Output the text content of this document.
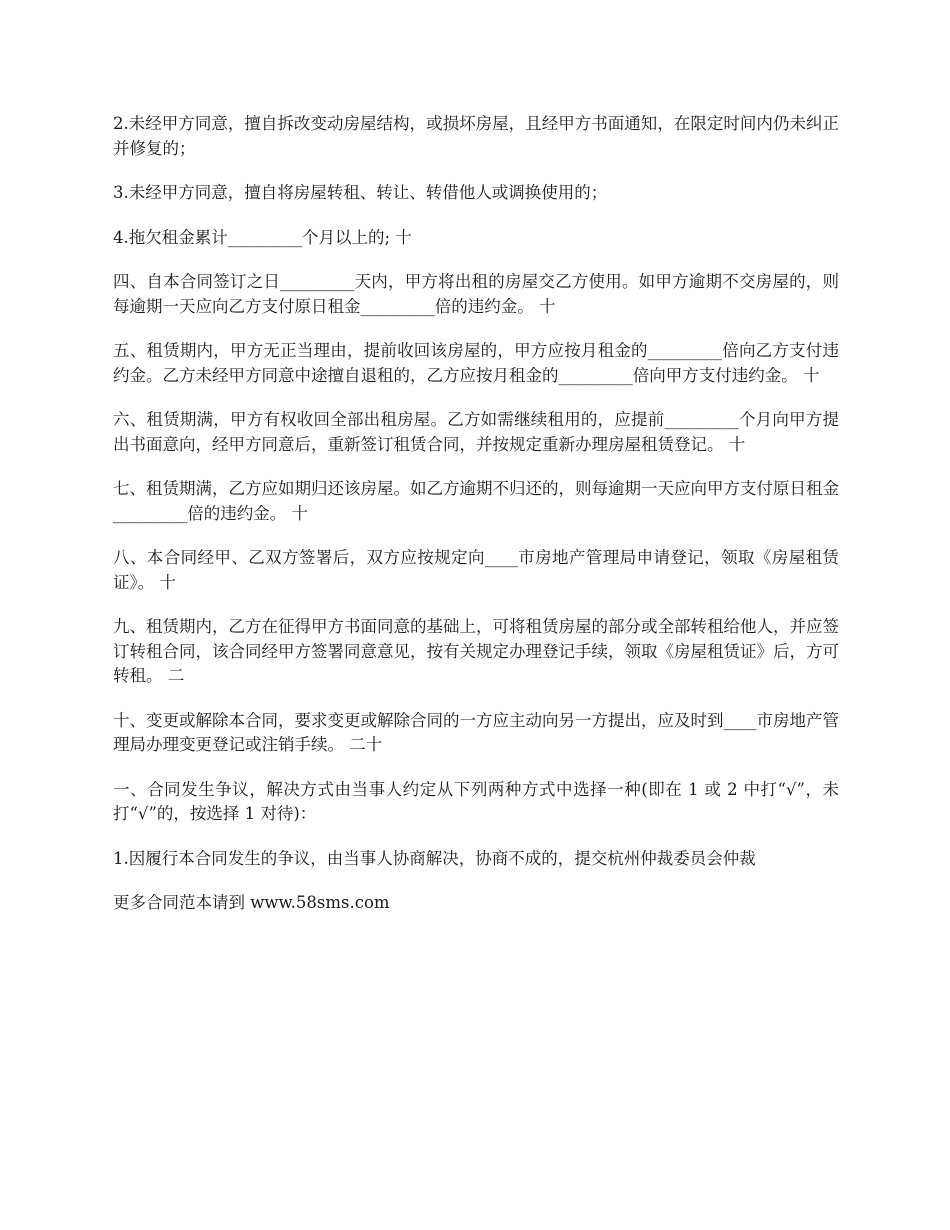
2.未经甲方同意，擅自拆改变动房屋结构，或损坏房屋，且经甲方书面通知，在限定时间内仍未纠正并修复的；

3.未经甲方同意，擅自将房屋转租、转让、转借他人或调换使用的；

4.拖欠租金累计_________个月以上的; 十

四、自本合同签订之日_________天内，甲方将出租的房屋交乙方使用。如甲方逾期不交房屋的，则每逾期一天应向乙方支付原日租金_________倍的违约金。 十

五、租赁期内，甲方无正当理由，提前收回该房屋的，甲方应按月租金的_________倍向乙方支付违约金。乙方未经甲方同意中途擅自退租的，乙方应按月租金的_________倍向甲方支付违约金。 十

六、租赁期满，甲方有权收回全部出租房屋。乙方如需继续租用的，应提前_________个月向甲方提出书面意向，经甲方同意后，重新签订租赁合同，并按规定重新办理房屋租赁登记。 十

七、租赁期满，乙方应如期归还该房屋。如乙方逾期不归还的，则每逾期一天应向甲方支付原日租金_________倍的违约金。 十

八、本合同经甲、乙双方签署后，双方应按规定向____市房地产管理局申请登记，领取《房屋租赁证》。 十

九、租赁期内，乙方在征得甲方书面同意的基础上，可将租赁房屋的部分或全部转租给他人，并应签订转租合同，该合同经甲方签署同意意见，按有关规定办理登记手续，领取《房屋租赁证》后，方可转租。 二

十、变更或解除本合同，要求变更或解除合同的一方应主动向另一方提出，应及时到____市房地产管理局办理变更登记或注销手续。 二十

一、合同发生争议，解决方式由当事人约定从下列两种方式中选择一种(即在 1 或 2 中打“√”，未打“√”的，按选择 1 对待)：

1.因履行本合同发生的争议，由当事人协商解决，协商不成的，提交杭州仲裁委员会仲裁

更多合同范本请到 www.58sms.com
